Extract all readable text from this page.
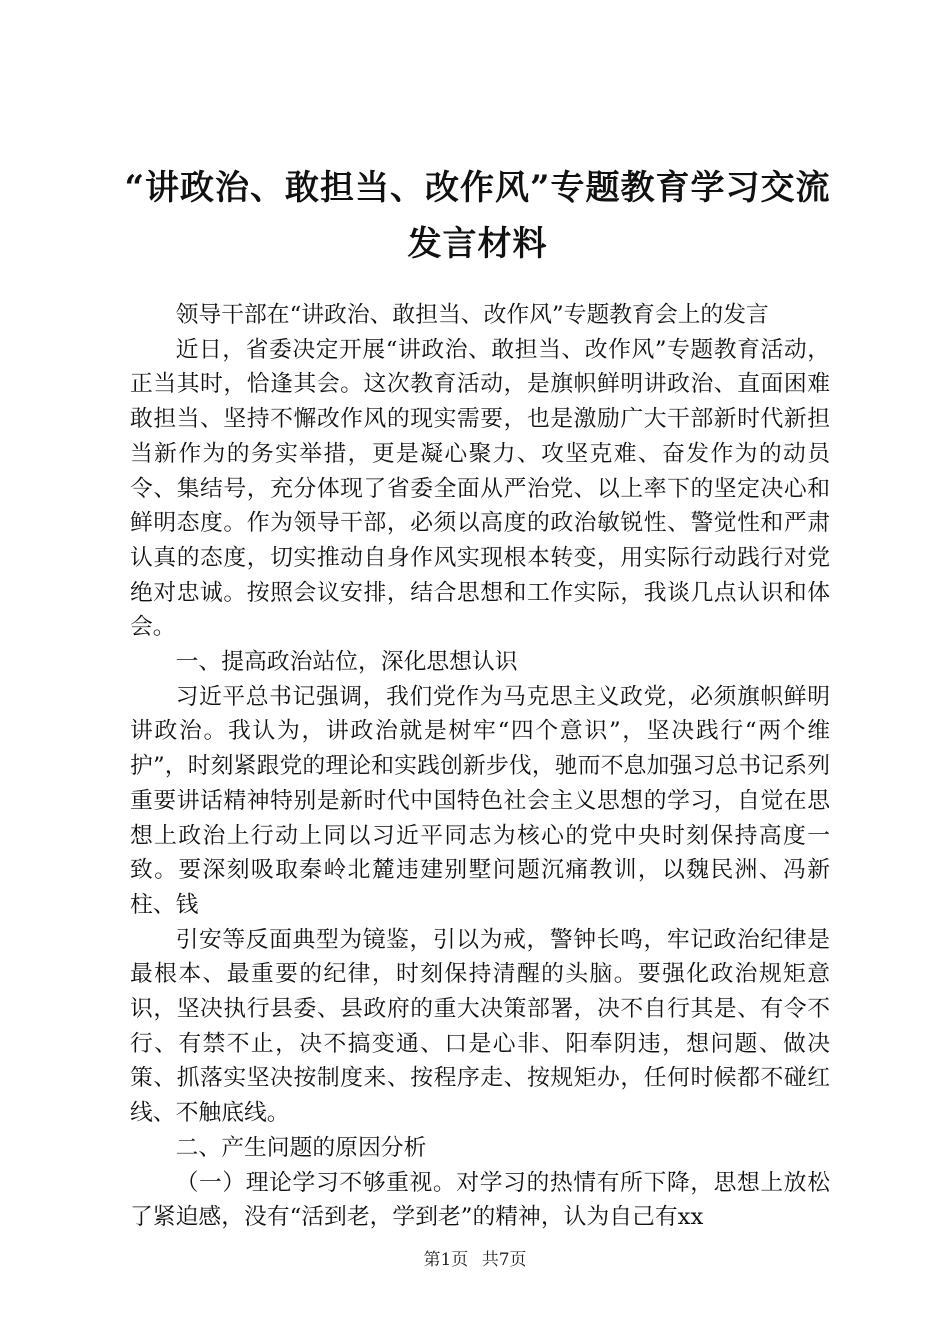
“讲政治、敢担当、改作风”专题教育学习交流发言材料

领导干部在“讲政治、敢担当、改作风”专题教育会上的发言

近日，省委决定开展“讲政治、敢担当、改作风”专题教育活动，正当其时，恰逢其会。这次教育活动，是旗帜鲜明讲政治、直面困难敢担当、坚持不懈改作风的现实需要，也是激励广大干部新时代新担当新作为的务实举措，更是凝心聚力、攻坚克难、奋发作为的动员令、集结号，充分体现了省委全面从严治党、以上率下的坚定决心和鲜明态度。作为领导干部，必须以高度的政治敏锐性、警觉性和严肃认真的态度，切实推动自身作风实现根本转变，用实际行动践行对党绝对忠诚。按照会议安排，结合思想和工作实际，我谈几点认识和体会。

一、提高政治站位，深化思想认识

习近平总书记强调，我们党作为马克思主义政党，必须旗帜鲜明讲政治。我认为，讲政治就是树牢“四个意识”，坚决践行“两个维护”，时刻紧跟党的理论和实践创新步伐，驰而不息加强习总书记系列重要讲话精神特别是新时代中国特色社会主义思想的学习，自觉在思想上政治上行动上同以习近平同志为核心的党中央时刻保持高度一致。要深刻吸取秦岭北麓违建别墅问题沉痛教训，以魏民洲、冯新柱、钱

引安等反面典型为镜鉴，引以为戒，警钟长鸣，牢记政治纪律是最根本、最重要的纪律，时刻保持清醒的头脑。要强化政治规矩意识，坚决执行县委、县政府的重大决策部署，决不自行其是、有令不行、有禁不止，决不搞变通、口是心非、阳奉阴违，想问题、做决策、抓落实坚决按制度来、按程序走、按规矩办，任何时候都不碰红线、不触底线。

二、产生问题的原因分析

（一）理论学习不够重视。对学习的热情有所下降，思想上放松了紧迫感，没有“活到老，学到老”的精神，认为自己有xx

第1页 共7页
